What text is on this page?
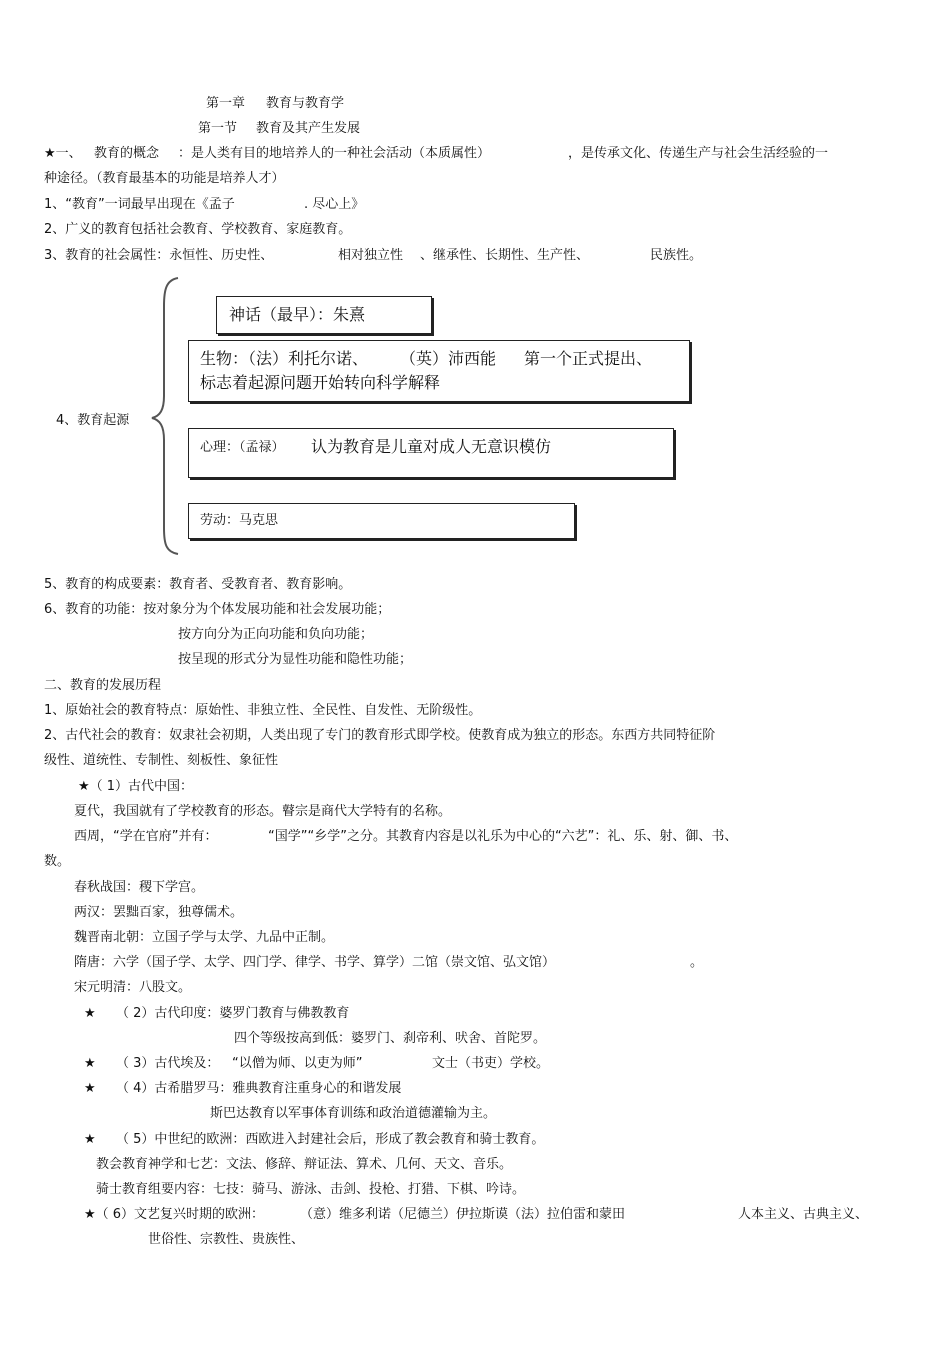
第一章 教育与教育学
第一节 教育及其产生发展
★一、 教育的概念 ：是人类有目的地培养人的一种社会活动（本质属性）	，是传承文化、传递生产与社会生活经验的一
种途径。（教育最基本的功能是培养人才）
1、“教育”一词最早出现在《孟子	. 尽心上》
2、广义的教育包括社会教育、学校教育、家庭教育。
3、教育的社会属性：永恒性、历史性、	相对独立性 、继承性、长期性、生产性、	民族性。
4、教育起源
神话（最早）：朱熹
生物：（法）利托尔诺、 （英）沛西能 第一个正式提出、
标志着起源问题开始转向科学解释
心理：（孟禄） 认为教育是儿童对成人无意识模仿
劳动：马克思
5、教育的构成要素：教育者、受教育者、教育影响。
6、教育的功能：按对象分为个体发展功能和社会发展功能；
按方向分为正向功能和负向功能；
按呈现的形式分为显性功能和隐性功能；
二、教育的发展历程
1、原始社会的教育特点：原始性、非独立性、全民性、自发性、无阶级性。
2、古代社会的教育：奴隶社会初期，人类出现了专门的教育形式即学校。使教育成为独立的形态。东西方共同特征阶
级性、道统性、专制性、刻板性、象征性
★（ 1）古代中国：
夏代，我国就有了学校教育的形态。瞽宗是商代大学特有的名称。
西周，“学在官府”并有：	“国学”“乡学”之分。其教育内容是以礼乐为中心的“六艺”：礼、乐、射、御、书、
数。
春秋战国：稷下学宫。
两汉：罢黜百家，独尊儒术。
魏晋南北朝：立国子学与太学、九品中正制。
隋唐：六学（国子学、太学、四门学、律学、书学、算学）二馆（崇文馆、弘文馆）	。
宋元明清：八股文。
★ （ 2）古代印度：婆罗门教育与佛教教育
四个等级按高到低：婆罗门、刹帝利、吠舍、首陀罗。
★ （ 3）古代埃及： “以僧为师、以吏为师”	文士（书吏）学校。
★ （ 4）古希腊罗马：雅典教育注重身心的和谐发展
斯巴达教育以军事体育训练和政治道德灌输为主。
★ （ 5）中世纪的欧洲：西欧进入封建社会后，形成了教会教育和骑士教育。
教会教育神学和七艺：文法、修辞、辩证法、算术、几何、天文、音乐。
骑士教育组要内容：七技：骑马、游泳、击剑、投枪、打猎、下棋、吟诗。
★（ 6）文艺复兴时期的欧洲：	（意）维多利诺（尼德兰）伊拉斯谟（法）拉伯雷和蒙田	人本主义、古典主义、
世俗性、宗教性、贵族性、
